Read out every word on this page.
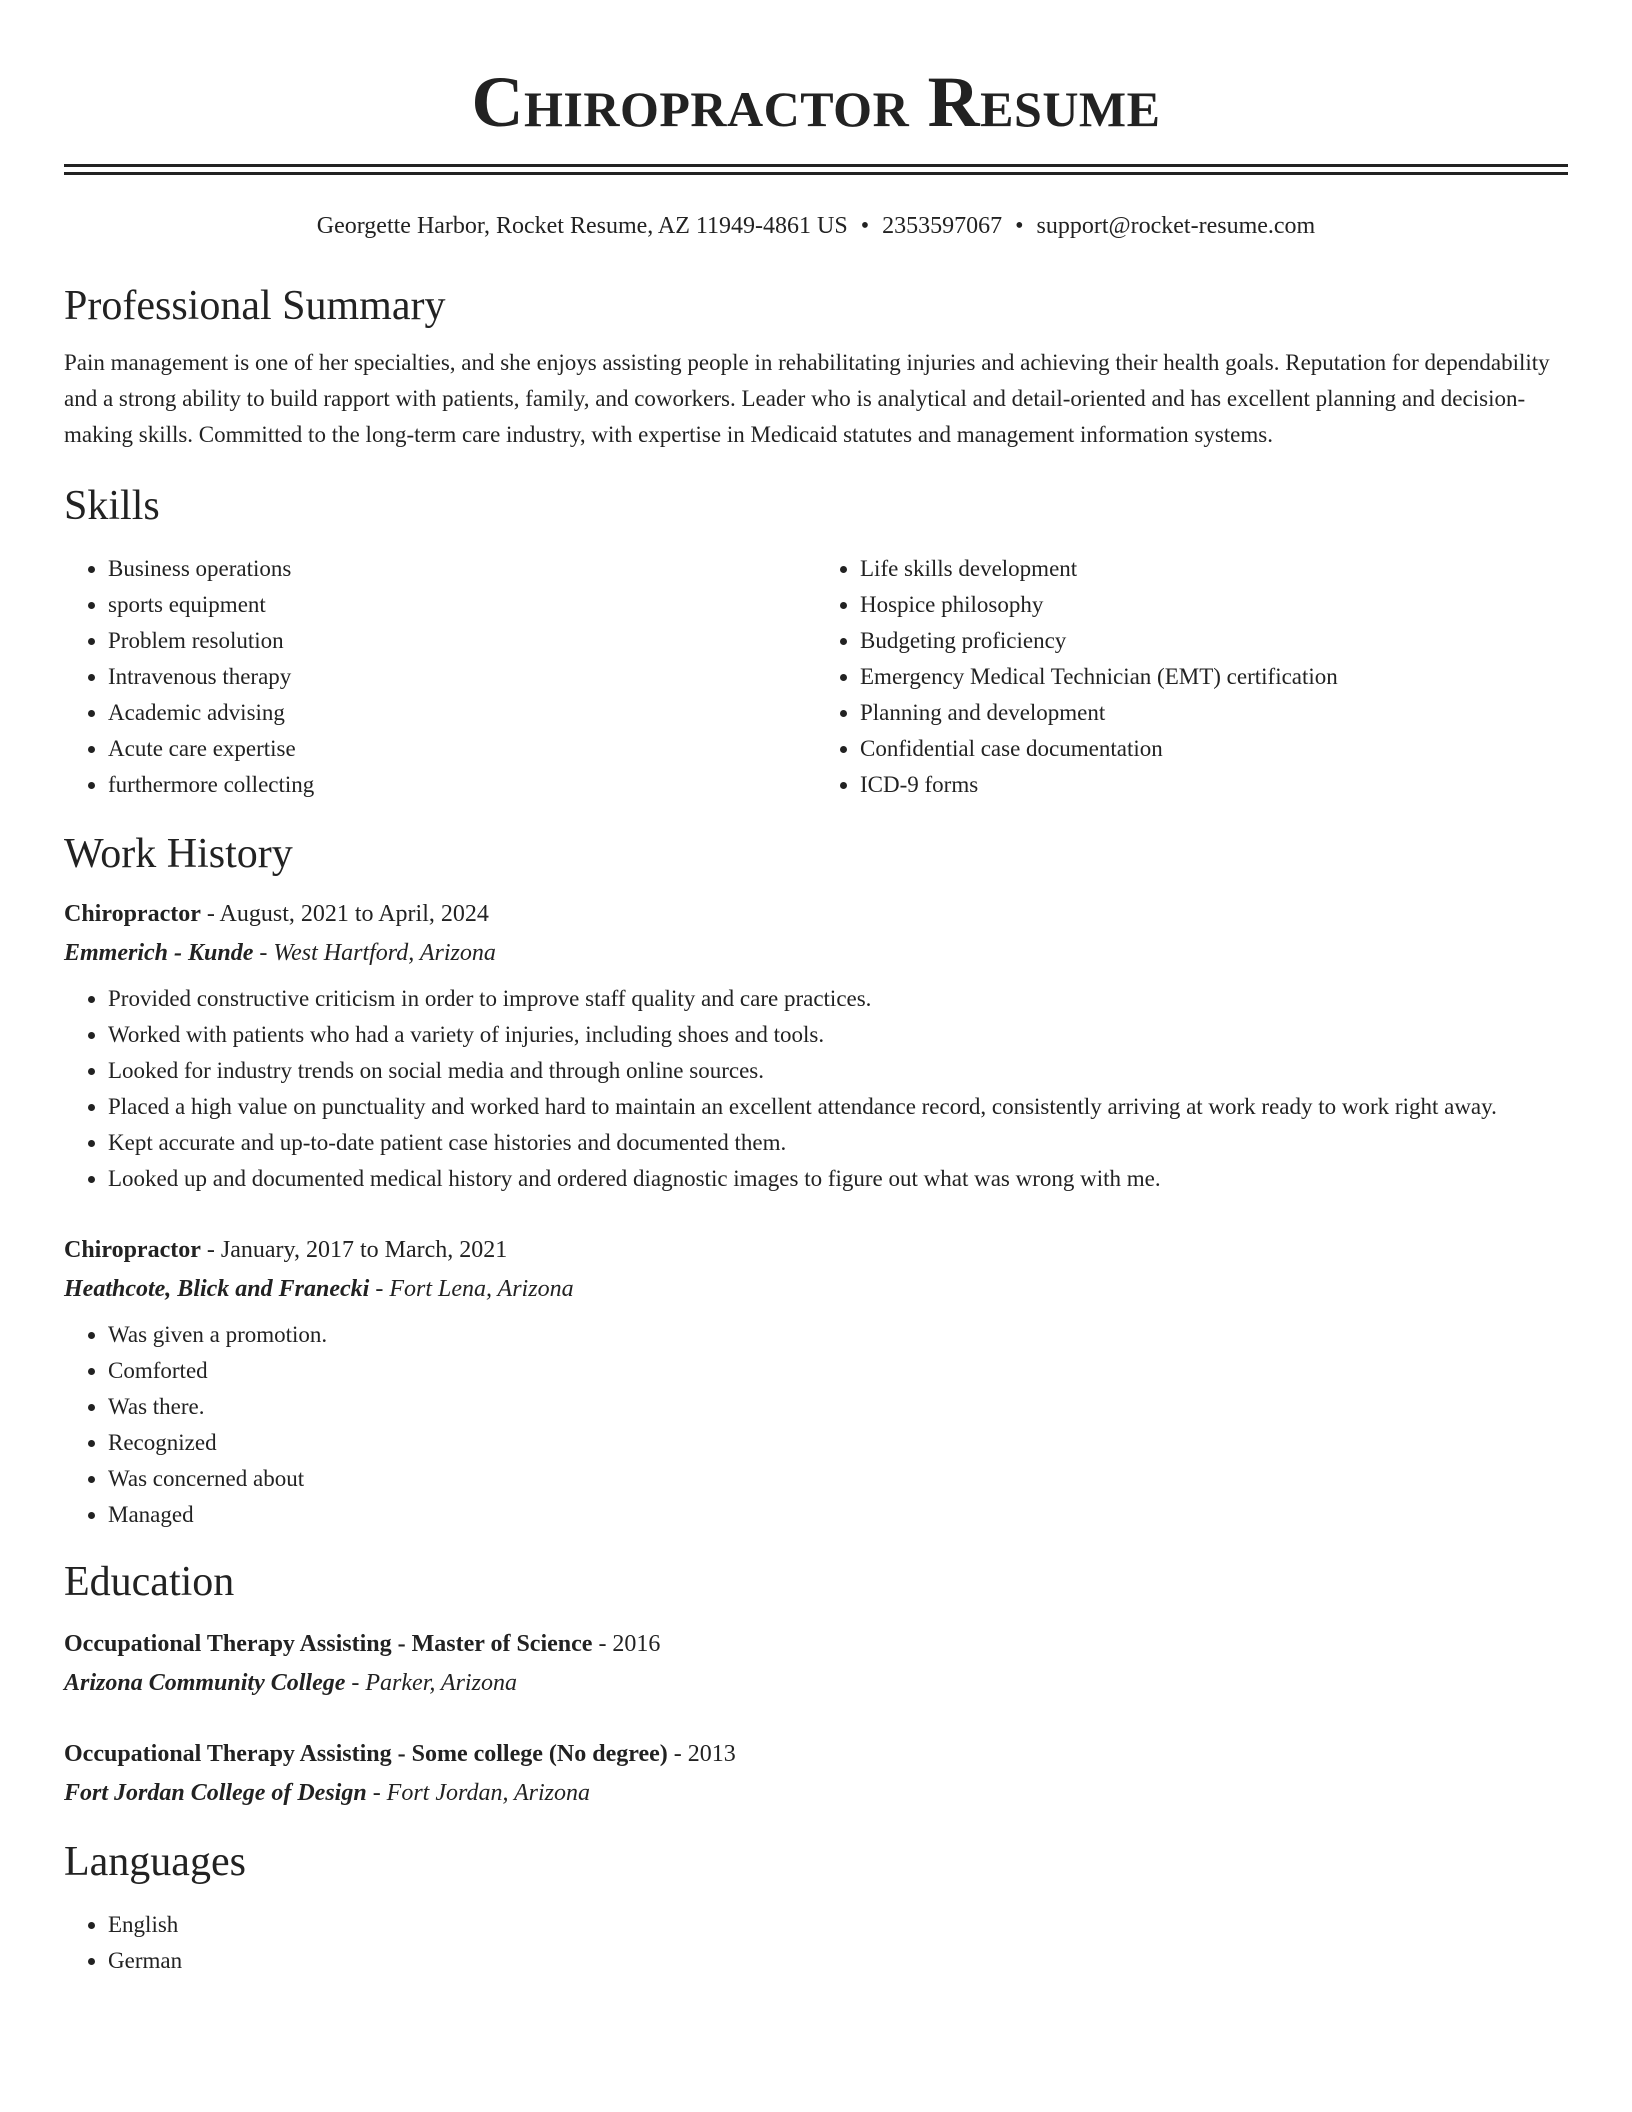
Chiropractor Resume
Georgette Harbor, Rocket Resume, AZ 11949-4861 US • 2353597067 • support@rocket-resume.com
Professional Summary

Pain management is one of her specialties, and she enjoys assisting people in rehabilitating injuries and achieving their health goals. Reputation for dependability and a strong ability to build rapport with patients, family, and coworkers. Leader who is analytical and detail-oriented and has excellent planning and decision-making skills. Committed to the long-term care industry, with expertise in Medicaid statutes and management information systems.

Skills
• Business operations
• sports equipment
• Problem resolution
• Intravenous therapy
• Academic advising
• Acute care expertise
• furthermore collecting
• Life skills development
• Hospice philosophy
• Budgeting proficiency
• Emergency Medical Technician (EMT) certification
• Planning and development
• Confidential case documentation
• ICD-9 forms
Work History
Chiropractor - August, 2021 to April, 2024
Emmerich - Kunde - West Hartford, Arizona
• Provided constructive criticism in order to improve staff quality and care practices.
• Worked with patients who had a variety of injuries, including shoes and tools.
• Looked for industry trends on social media and through online sources.
• Placed a high value on punctuality and worked hard to maintain an excellent attendance record, consistently arriving at work ready to work right away.
• Kept accurate and up-to-date patient case histories and documented them.
• Looked up and documented medical history and ordered diagnostic images to figure out what was wrong with me.
Chiropractor - January, 2017 to March, 2021
Heathcote, Blick and Franecki - Fort Lena, Arizona
• Was given a promotion.
• Comforted
• Was there.
• Recognized
• Was concerned about
• Managed
Education
Occupational Therapy Assisting - Master of Science - 2016
Arizona Community College - Parker, Arizona
Occupational Therapy Assisting - Some college (No degree) - 2013
Fort Jordan College of Design - Fort Jordan, Arizona
Languages
• English
• German
